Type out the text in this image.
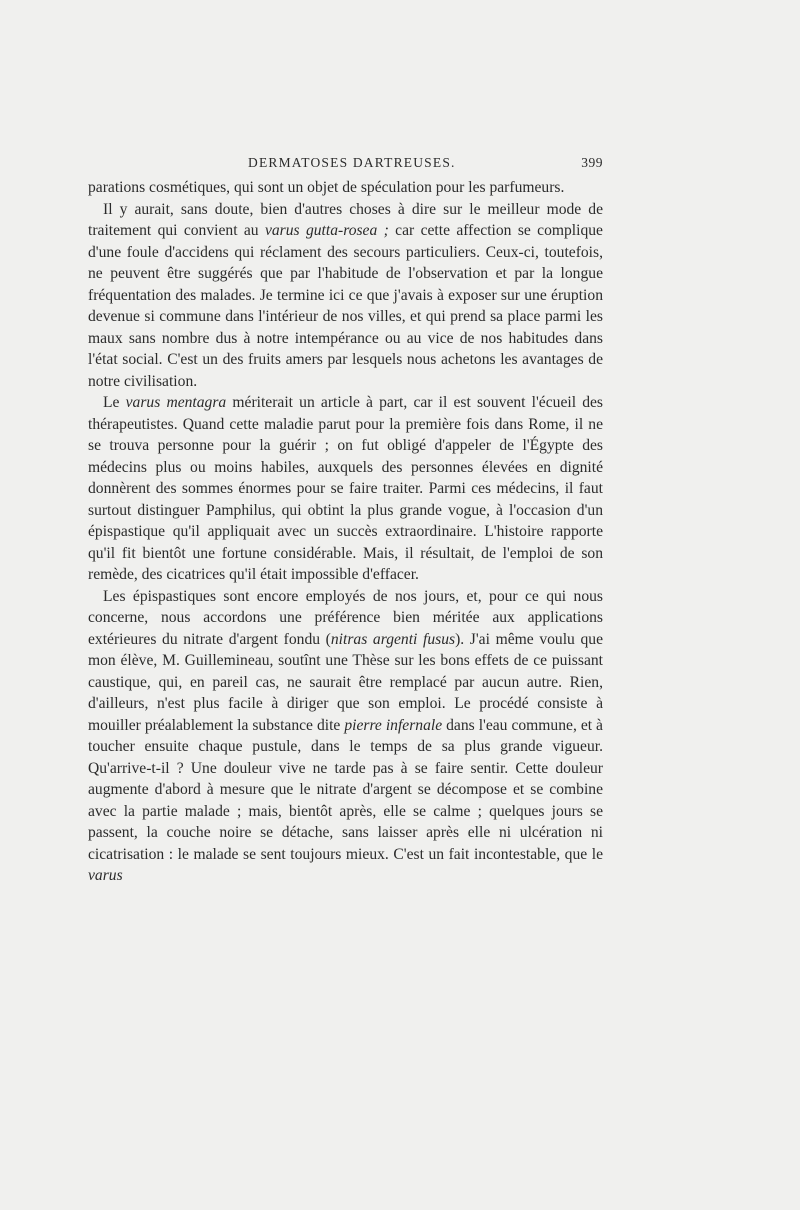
DERMATOSES DARTREUSES.	399

parations cosmétiques, qui sont un objet de spéculation pour les parfumeurs.

Il y aurait, sans doute, bien d'autres choses à dire sur le meilleur mode de traitement qui convient au varus gutta-rosea ; car cette affection se complique d'une foule d'accidens qui réclament des secours particuliers. Ceux-ci, toutefois, ne peuvent être suggérés que par l'habitude de l'observation et par la longue fréquentation des malades. Je termine ici ce que j'avais à exposer sur une éruption devenue si commune dans l'intérieur de nos villes, et qui prend sa place parmi les maux sans nombre dus à notre intempérance ou au vice de nos habitudes dans l'état social. C'est un des fruits amers par lesquels nous achetons les avantages de notre civilisation.

Le varus mentagra mériterait un article à part, car il est souvent l'écueil des thérapeutistes. Quand cette maladie parut pour la première fois dans Rome, il ne se trouva personne pour la guérir ; on fut obligé d'appeler de l'Égypte des médecins plus ou moins habiles, auxquels des personnes élevées en dignité donnèrent des sommes énormes pour se faire traiter. Parmi ces médecins, il faut surtout distinguer Pamphilus, qui obtint la plus grande vogue, à l'occasion d'un épispastique qu'il appliquait avec un succès extraordinaire. L'histoire rapporte qu'il fit bientôt une fortune considérable. Mais, il résultait, de l'emploi de son remède, des cicatrices qu'il était impossible d'effacer.

Les épispastiques sont encore employés de nos jours, et, pour ce qui nous concerne, nous accordons une préférence bien méritée aux applications extérieures du nitrate d'argent fondu (nitras argenti fusus). J'ai même voulu que mon élève, M. Guillemineau, soutînt une Thèse sur les bons effets de ce puissant caustique, qui, en pareil cas, ne saurait être remplacé par aucun autre. Rien, d'ailleurs, n'est plus facile à diriger que son emploi. Le procédé consiste à mouiller préalablement la substance dite pierre infernale dans l'eau commune, et à toucher ensuite chaque pustule, dans le temps de sa plus grande vigueur. Qu'arrive-t-il ? Une douleur vive ne tarde pas à se faire sentir. Cette douleur augmente d'abord à mesure que le nitrate d'argent se décompose et se combine avec la partie malade ; mais, bientôt après, elle se calme ; quelques jours se passent, la couche noire se détache, sans laisser après elle ni ulcération ni cicatrisation : le malade se sent toujours mieux. C'est un fait incontestable, que le varus
